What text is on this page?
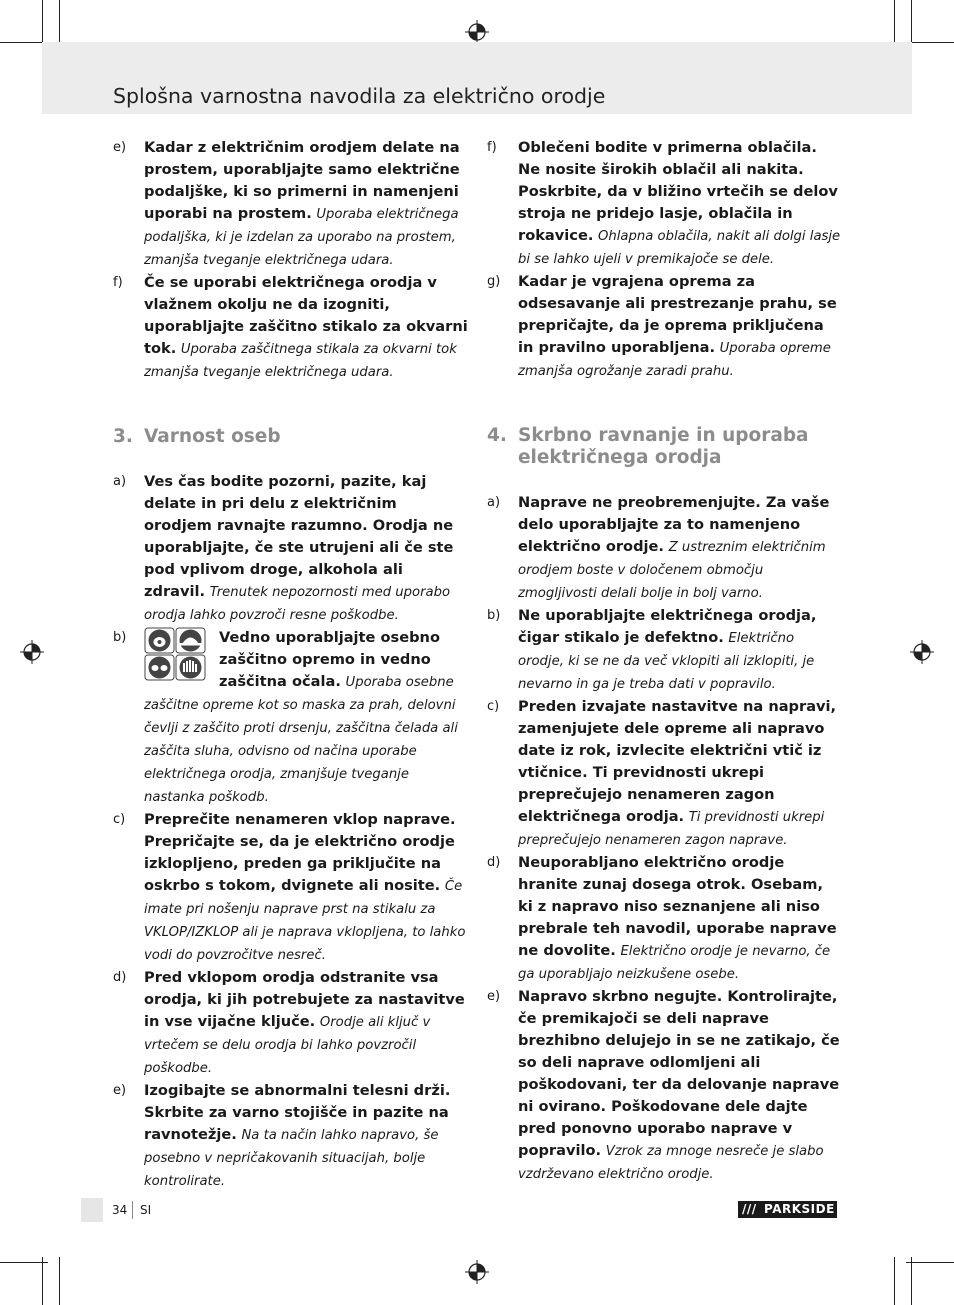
Splošna varnostna navodila za električno orodje
e) Kadar z električnim orodjem delate na prostem, uporabljajte samo električne podaljške, ki so primerni in namenjeni uporabi na prostem. Uporaba električnega podaljška, ki je izdelan za uporabo na prostem, zmanjša tveganje električnega udara.
f) Če se uporabi električnega orodja v vlažnem okolju ne da izogniti, uporabljajte zaščitno stikalo za okvarni tok. Uporaba zaščitnega stikala za okvarni tok zmanjša tveganje električnega udara.
3. Varnost oseb
a) Ves čas bodite pozorni, pazite, kaj delate in pri delu z električnim orodjem ravnajte razumno. Orodja ne uporabljajte, če ste utrujeni ali če ste pod vplivom droge, alkohola ali zdravil. Trenutek nepozornosti med uporabo orodja lahko povzroči resne poškodbe.
b)	Vedno uporabljajte osebno zaščitno opremo in vedno zaščitna očala. Uporaba osebne zaščitne opreme kot so maska za prah, delovni čevlji z zaščito proti drsenju, zaščitna čelada ali zaščita sluha, odvisno od načina uporabe električnega orodja, zmanjšuje tveganje nastanka poškodb.
c) Preprečite nenameren vklop naprave. Prepričajte se, da je električno orodje izklopljeno, preden ga priključite na oskrbo s tokom, dvignete ali nosite. Če imate pri nošenju naprave prst na stikalu za VKLOP/IZKLOP ali je naprava vklopljena, to lahko vodi do povzročitve nesreč.
d) Pred vklopom orodja odstranite vsa orodja, ki jih potrebujete za nastavitve in vse vijačne ključe. Orodje ali ključ v vrtečem se delu orodja bi lahko povzročil poškodbe.
e) Izogibajte se abnormalni telesni drži. Skrbite za varno stojišče in pazite na ravnotežje. Na ta način lahko napravo, še posebno v nepričakovanih situacijah, bolje kontrolirate.
f) Oblečeni bodite v primerna oblačila. Ne nosite širokih oblačil ali nakita. Poskrbite, da v bližino vrtečih se delov stroja ne pridejo lasje, oblačila in rokavice. Ohlapna oblačila, nakit ali dolgi lasje bi se lahko ujeli v premikajoče se dele.
g) Kadar je vgrajena oprema za odsesavanje ali prestrezanje prahu, se prepričajte, da je oprema priključena in pravilno uporabljena. Uporaba opreme zmanjša ogrožanje zaradi prahu.
4. Skrbno ravnanje in uporaba električnega orodja
a) Naprave ne preobremenjujte. Za vaše delo uporabljajte za to namenjeno električno orodje. Z ustreznim električnim orodjem boste v določenem območju zmogljivosti delali bolje in bolj varno.
b) Ne uporabljajte električnega orodja, čigar stikalo je defektno. Električno orodje, ki se ne da več vklopiti ali izklopiti, je nevarno in ga je treba dati v popravilo.
c) Preden izvajate nastavitve na napravi, zamenjujete dele opreme ali napravo date iz rok, izvlecite električni vtič iz vtičnice. Ti previdnosti ukrepi preprečujejo nenameren zagon električnega orodja. Ti previdnosti ukrepi preprečujejo nenameren zagon naprave.
d) Neuporabljano električno orodje hranite zunaj dosega otrok. Osebam, ki z napravo niso seznanjene ali niso prebrale teh navodil, uporabe naprave ne dovolite. Električno orodje je nevarno, če ga uporabljajo neizkušene osebe.
e) Napravo skrbno negujte. Kontrolirajte, če premikajoči se deli naprave brezhibno delujejo in se ne zatikajo, če so deli naprave odlomljeni ali poškodovani, ter da delovanje naprave ni ovirano. Poškodovane dele dajte pred ponovno uporabo naprave v popravilo. Vzrok za mnoge nesreče je slabo vzdrževano električno orodje.
34 SI	/// PARKSIDE
